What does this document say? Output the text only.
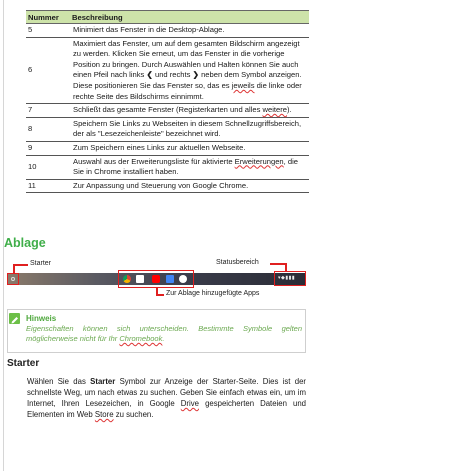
Nummer	Beschreibung
5	Minimiert das Fenster in die Desktop-Ablage.
6	Maximiert das Fenster, um auf dem gesamten Bildschirm angezeigt zu werden. Klicken Sie erneut, um das Fenster in die vorherige Position zu bringen. Durch Auswählen und Halten können Sie auch einen Pfeil nach links ❮ und rechts ❯ neben dem Symbol anzeigen. Diese positionieren Sie das Fenster so, das es jeweils die linke oder rechte Seite des Bildschirms einnimmt.
7	Schließt das gesamte Fenster (Registerkarten und alles weitere).
8	Speichern Sie Links zu Webseiten in diesem Schnellzugriffsbereich, der als "Lesezeichenleiste" bezeichnet wird.
9	Zum Speichern eines Links zur aktuellen Webseite.
10	Auswahl aus der Erweiterungsliste für aktivierte Erweiterungen, die Sie in Chrome installiert haben.
11	Zur Anpassung und Steuerung von Google Chrome.
Ablage
Starter	Statusbereich
▾◆▮▮▮
Zur Ablage hinzugefügte Apps
Hinweis
Eigenschaften können sich unterscheiden. Bestimmte Symbole gelten möglicherweise nicht für Ihr Chromebook.
Starter

Wählen Sie das Starter Symbol zur Anzeige der Starter-Seite. Dies ist der schnellste Weg, um nach etwas zu suchen. Geben Sie einfach etwas ein, um im Internet, Ihren Lesezeichen, in Google Drive gespeicherten Dateien und Elementen im Web Store zu suchen.
